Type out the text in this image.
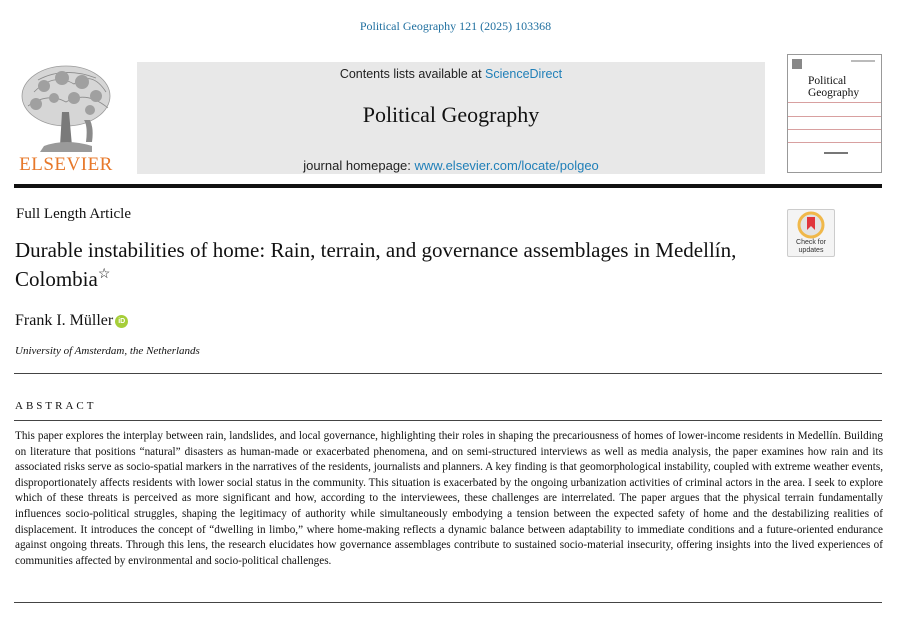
Political Geography 121 (2025) 103368
ELSEVIER
Contents lists available at ScienceDirect
Political Geography
journal homepage: www.elsevier.com/locate/polgeo
Political
Geography
Full Length Article
Check for
updates
Durable instabilities of home: Rain, terrain, and governance assemblages in Medellín, Colombia☆
Frank I. Müller iD
University of Amsterdam, the Netherlands
ABSTRACT
This paper explores the interplay between rain, landslides, and local governance, highlighting their roles in shaping the precariousness of homes of lower-income residents in Medellín. Building on literature that positions “natural” disasters as human-made or exacerbated phenomena, and on semi-structured interviews as well as media analysis, the paper examines how rain and its associated risks serve as socio-spatial markers in the narratives of the residents, journalists and planners. A key finding is that geomorphological instability, coupled with extreme weather events, disproportionately affects residents with lower social status in the community. This situation is exacerbated by the ongoing urbanization activities of criminal actors in the area. I seek to explore which of these threats is perceived as more significant and how, according to the interviewees, these challenges are interrelated. The paper argues that the physical terrain fundamentally influences socio-political struggles, shaping the legitimacy of authority while simultaneously embodying a tension between the expected safety of home and the destabilizing realities of displacement. It introduces the concept of “dwelling in limbo,” where home-making reflects a dynamic balance between adaptability to immediate conditions and a future-oriented endurance against ongoing threats. Through this lens, the research elucidates how governance assemblages contribute to sustained socio-material insecurity, offering insights into the lived experiences of communities affected by environmental and socio-political challenges.
